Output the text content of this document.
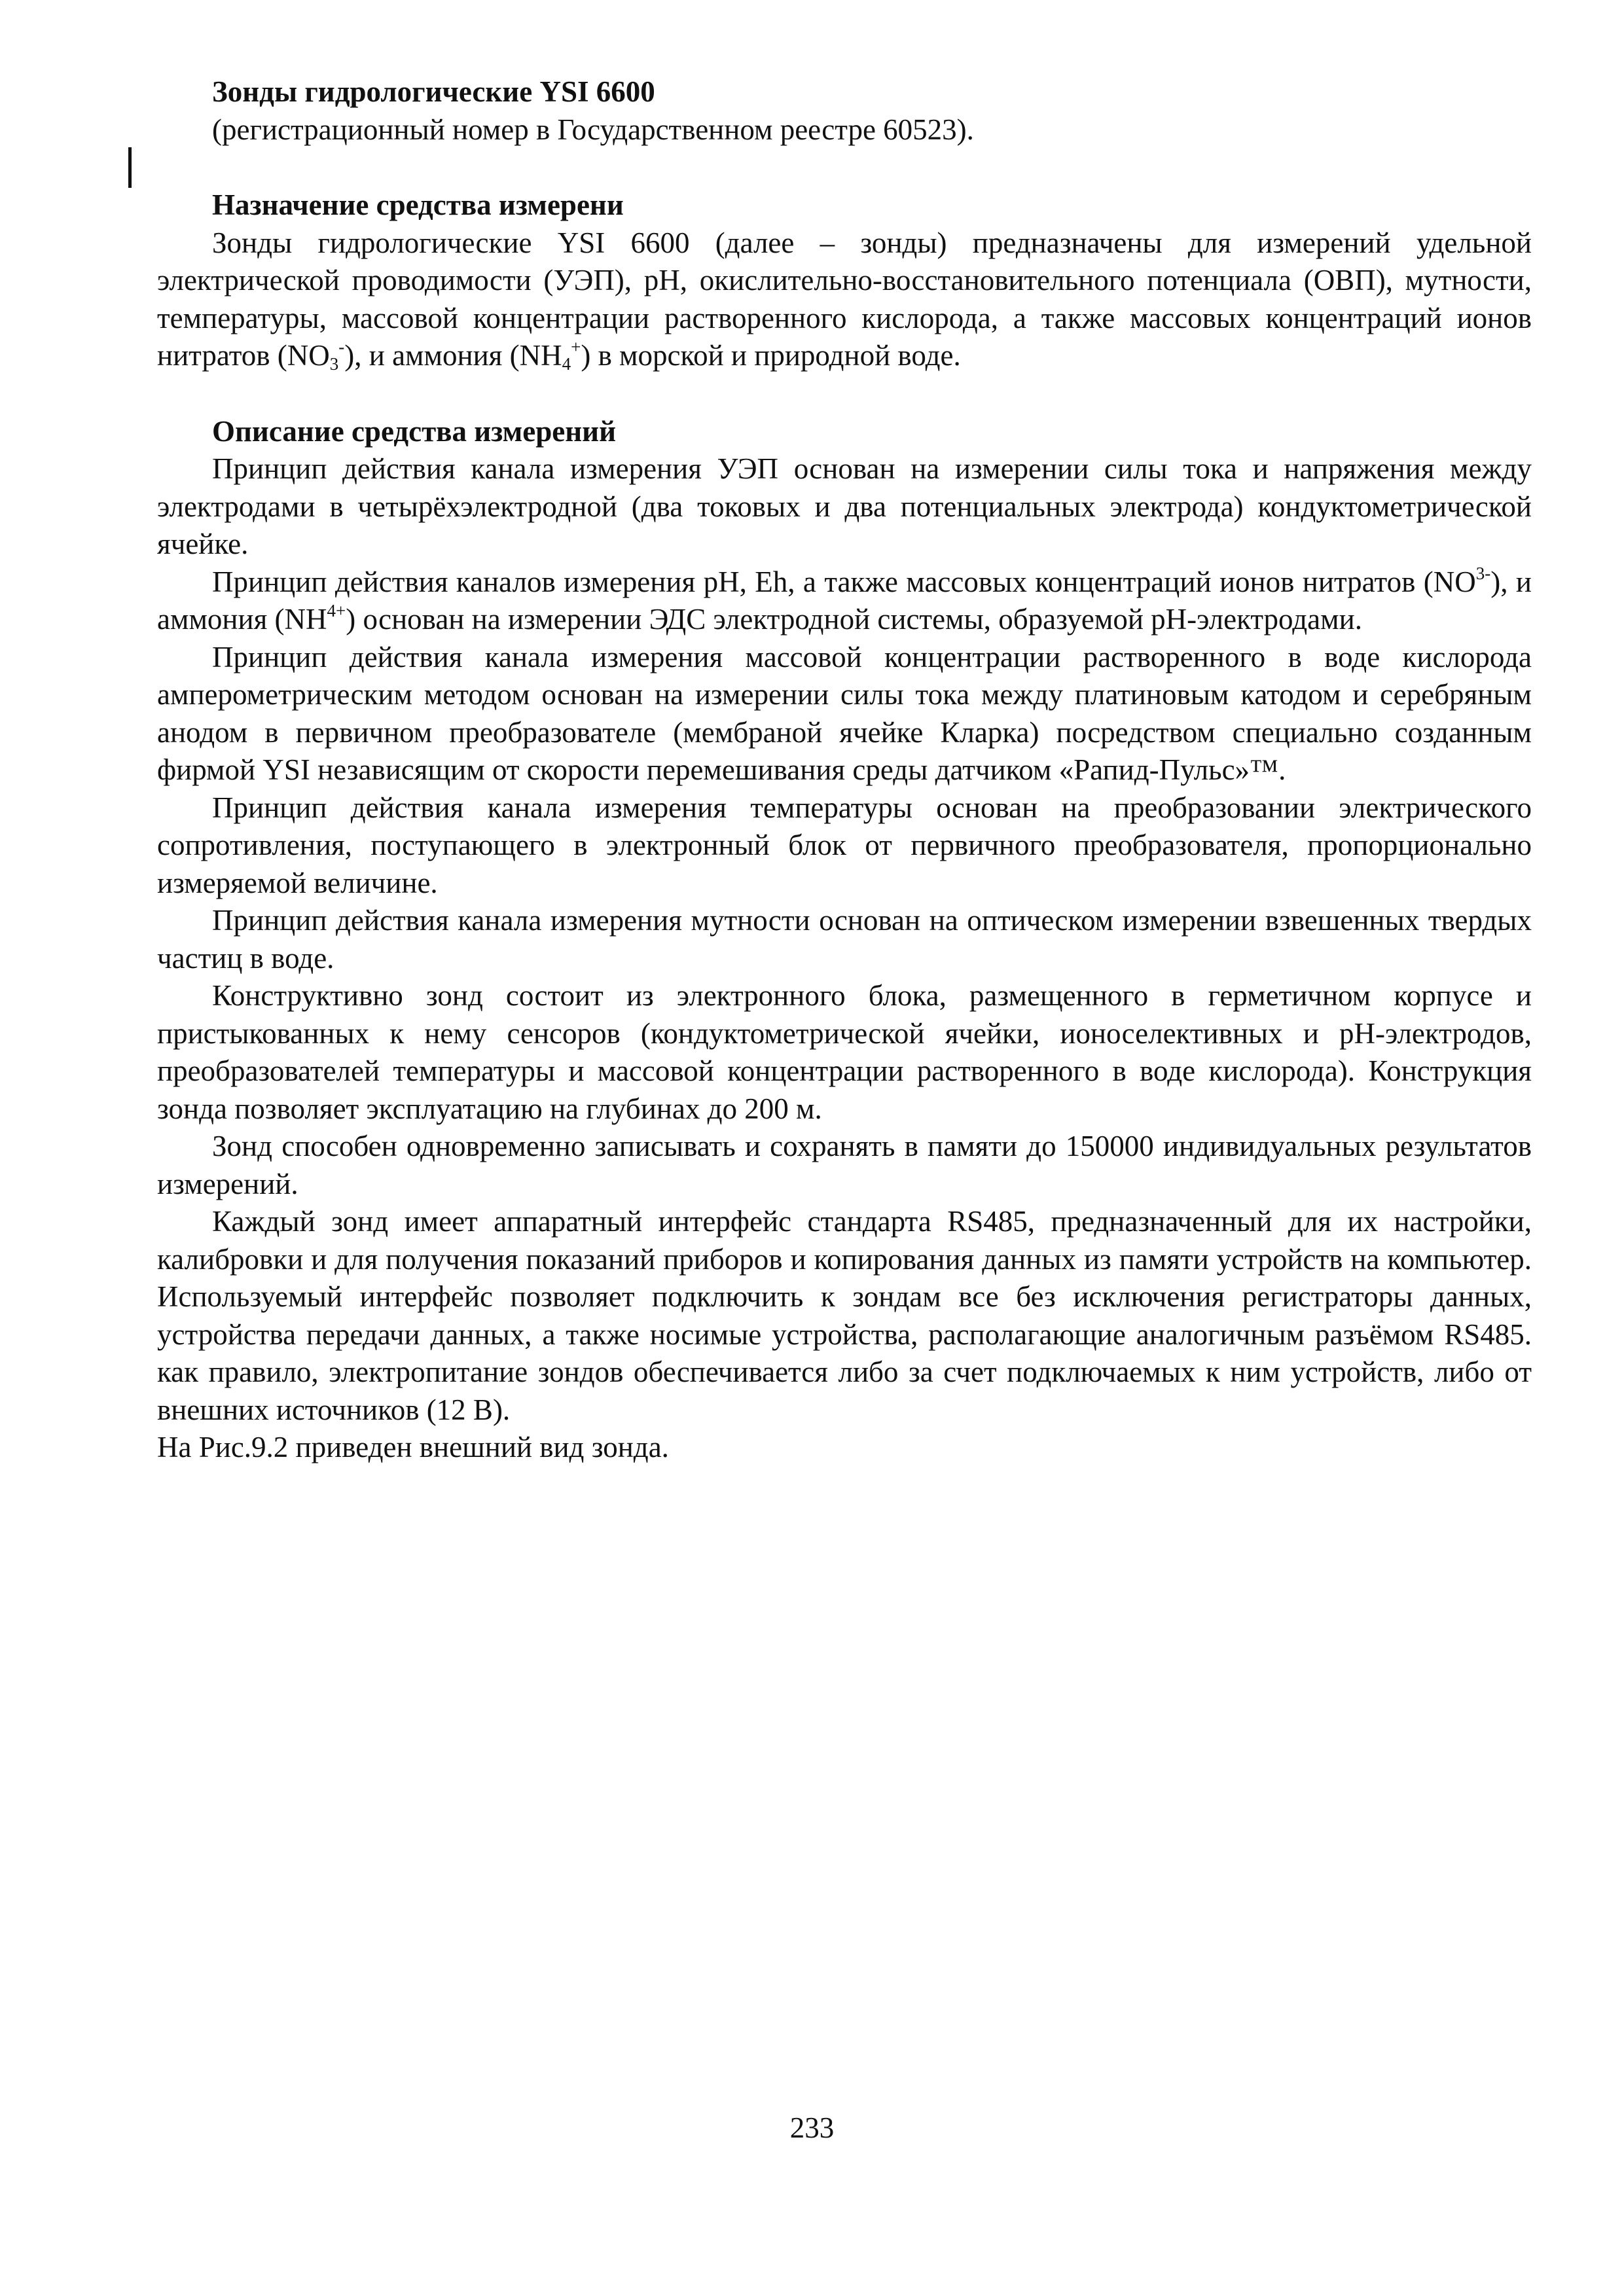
Зонды гидрологические YSI 6600

(регистрационный номер в Государственном реестре 60523).

Назначение средства измерени

Зонды гидрологические YSI 6600 (далее – зонды) предназначены для измерений удельной электрической проводимости (УЭП), pH, окислительно-восстановительного потенциала (ОВП), мутности, температуры, массовой концентрации растворенного кислорода, а также массовых концентраций ионов нитратов $(NO_3^-)$, и аммония $(NH_4^+)$ в морской и природной воде.

Описание средства измерений

Принцип действия канала измерения УЭП основан на измерении силы тока и напряжения между электродами в четырёхэлектродной (два токовых и два потенциальных электрода) кондуктометрической ячейке.

Принцип действия каналов измерения pH, Eh, а также массовых концентраций ионов нитратов $(NO^{3-})$, и аммония $(NH^{4+})$ основан на измерении ЭДС электродной системы, образуемой pH-электродами.

Принцип действия канала измерения массовой концентрации растворенного в воде кислорода амперометрическим методом основан на измерении силы тока между платиновым катодом и серебряным анодом в первичном преобразователе (мембраной ячейке Кларка) посредством специально созданным фирмой YSI независящим от скорости перемешивания среды датчиком «Рапид-Пульс»™.

Принцип действия канала измерения температуры основан на преобразовании электрического сопротивления, поступающего в электронный блок от первичного преобразователя, пропорционально измеряемой величине.

Принцип действия канала измерения мутности основан на оптическом измерении взвешенных твердых частиц в воде.

Конструктивно зонд состоит из электронного блока, размещенного в герметичном корпусе и пристыкованных к нему сенсоров (кондуктометрической ячейки, ионоселективных и pH-электродов, преобразователей температуры и массовой концентрации растворенного в воде кислорода). Конструкция зонда позволяет эксплуатацию на глубинах до 200 м.

Зонд способен одновременно записывать и сохранять в памяти до 150000 индивидуальных результатов измерений.

Каждый зонд имеет аппаратный интерфейс стандарта RS485, предназначенный для их настройки, калибровки и для получения показаний приборов и копирования данных из памяти устройств на компьютер. Используемый интерфейс позволяет подключить к зондам все без исключения регистраторы данных, устройства передачи данных, а также носимые устройства, располагающие аналогичным разъёмом RS485. как правило, электропитание зондов обеспечивается либо за счет подключаемых к ним устройств, либо от внешних источников (12 В).

На Рис.9.2 приведен внешний вид зонда.

233
